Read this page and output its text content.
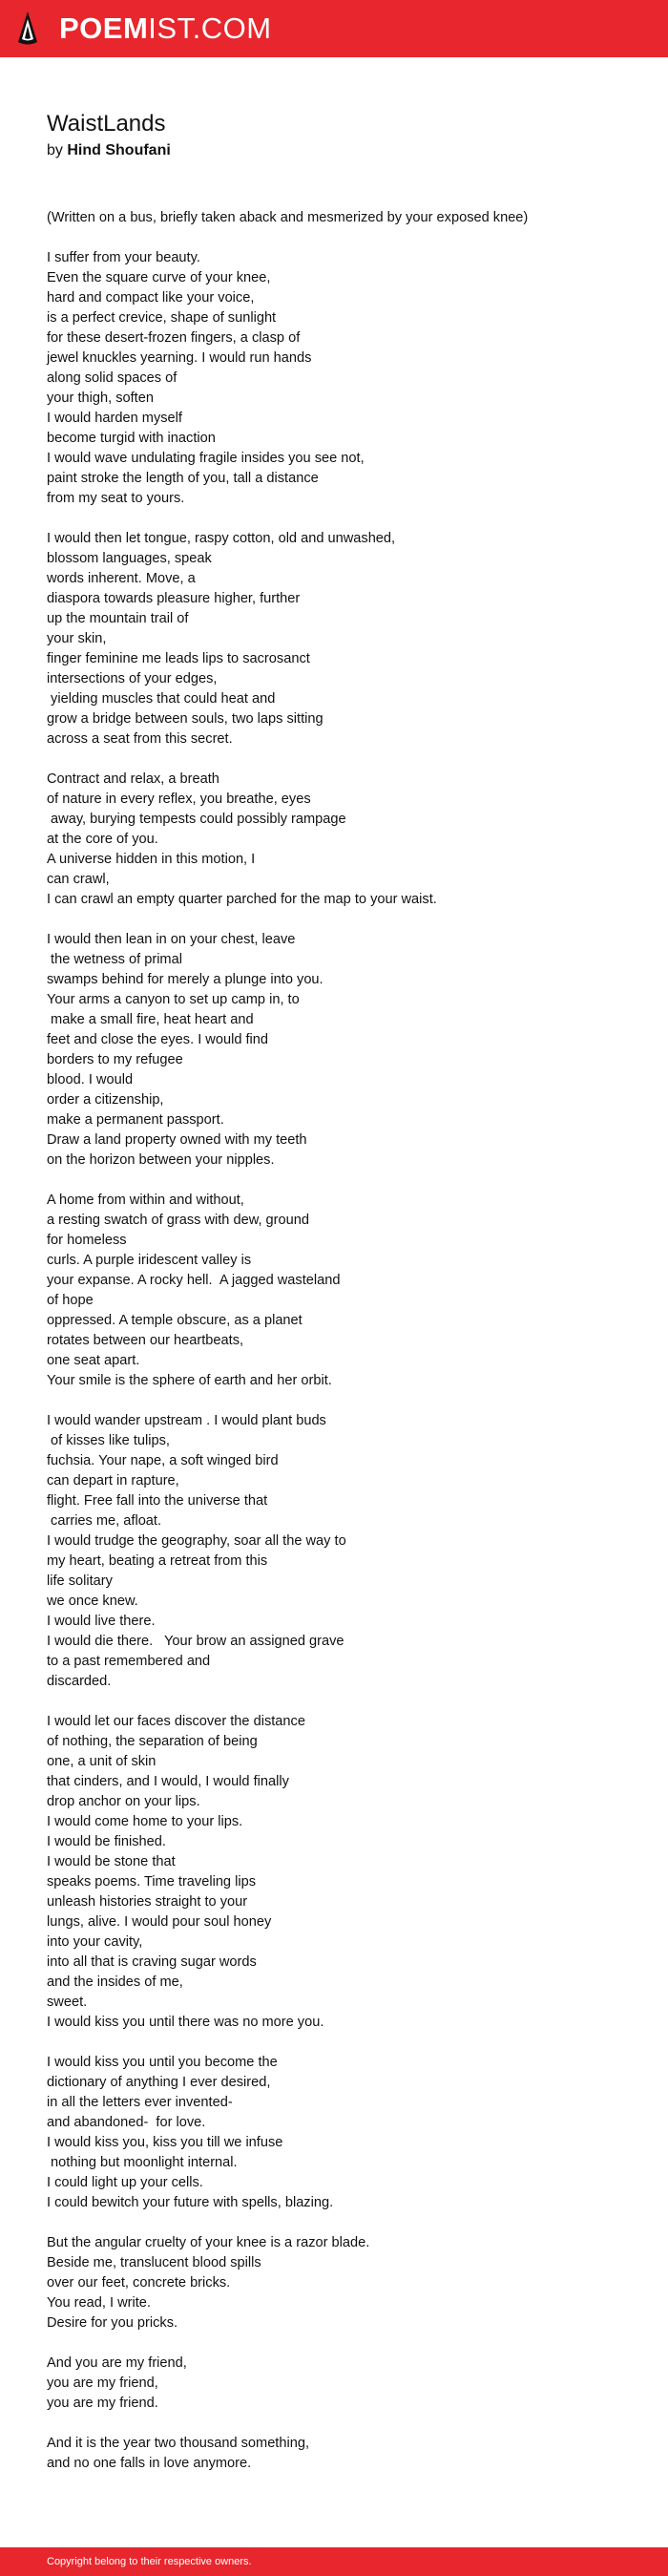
POEMIST.COM
WaistLands
by Hind Shoufani
(Written on a bus, briefly taken aback and mesmerized by your exposed knee)
I suffer from your beauty.
Even the square curve of your knee,
hard and compact like your voice,
is a perfect crevice, shape of sunlight
for these desert-frozen fingers, a clasp of
jewel knuckles yearning. I would run hands
along solid spaces of
your thigh, soften
I would harden myself
become turgid with inaction
I would wave undulating fragile insides you see not,
paint stroke the length of you, tall a distance
from my seat to yours.
I would then let tongue, raspy cotton, old and unwashed,
blossom languages, speak
words inherent. Move, a
diaspora towards pleasure higher, further
up the mountain trail of
your skin,
finger feminine me leads lips to sacrosanct
intersections of your edges,
yielding muscles that could heat and
grow a bridge between souls, two laps sitting
across a seat from this secret.
Contract and relax, a breath
of nature in every reflex, you breathe, eyes
away, burying tempests could possibly rampage
at the core of you.
A universe hidden in this motion, I
can crawl,
I can crawl an empty quarter parched for the map to your waist.
I would then lean in on your chest, leave
the wetness of primal
swamps behind for merely a plunge into you.
Your arms a canyon to set up camp in, to
make a small fire, heat heart and
feet and close the eyes. I would find
borders to my refugee
blood. I would
order a citizenship,
make a permanent passport.
Draw a land property owned with my teeth
on the horizon between your nipples.
A home from within and without,
a resting swatch of grass with dew, ground
for homeless
curls. A purple iridescent valley is
your expanse. A rocky hell.  A jagged wasteland
of hope
oppressed. A temple obscure, as a planet
rotates between our heartbeats,
one seat apart.
Your smile is the sphere of earth and her orbit.
I would wander upstream . I would plant buds
of kisses like tulips,
fuchsia. Your nape, a soft winged bird
can depart in rapture,
flight. Free fall into the universe that
carries me, afloat.
I would trudge the geography, soar all the way to
my heart, beating a retreat from this
life solitary
we once knew.
I would live there.
I would die there.   Your brow an assigned grave
to a past remembered and
discarded.
I would let our faces discover the distance
of nothing, the separation of being
one, a unit of skin
that cinders, and I would, I would finally
drop anchor on your lips.
I would come home to your lips.
I would be finished.
I would be stone that
speaks poems. Time traveling lips
unleash histories straight to your
lungs, alive. I would pour soul honey
into your cavity,
into all that is craving sugar words
and the insides of me,
sweet.
I would kiss you until there was no more you.
I would kiss you until you become the
dictionary of anything I ever desired,
in all the letters ever invented-
and abandoned-  for love.
I would kiss you, kiss you till we infuse
nothing but moonlight internal.
I could light up your cells.
I could bewitch your future with spells, blazing.
But the angular cruelty of your knee is a razor blade.
Beside me, translucent blood spills
over our feet, concrete bricks.
You read, I write.
Desire for you pricks.
And you are my friend,
you are my friend,
you are my friend.
And it is the year two thousand something,
and no one falls in love anymore.
Copyright belong to their respective owners.
